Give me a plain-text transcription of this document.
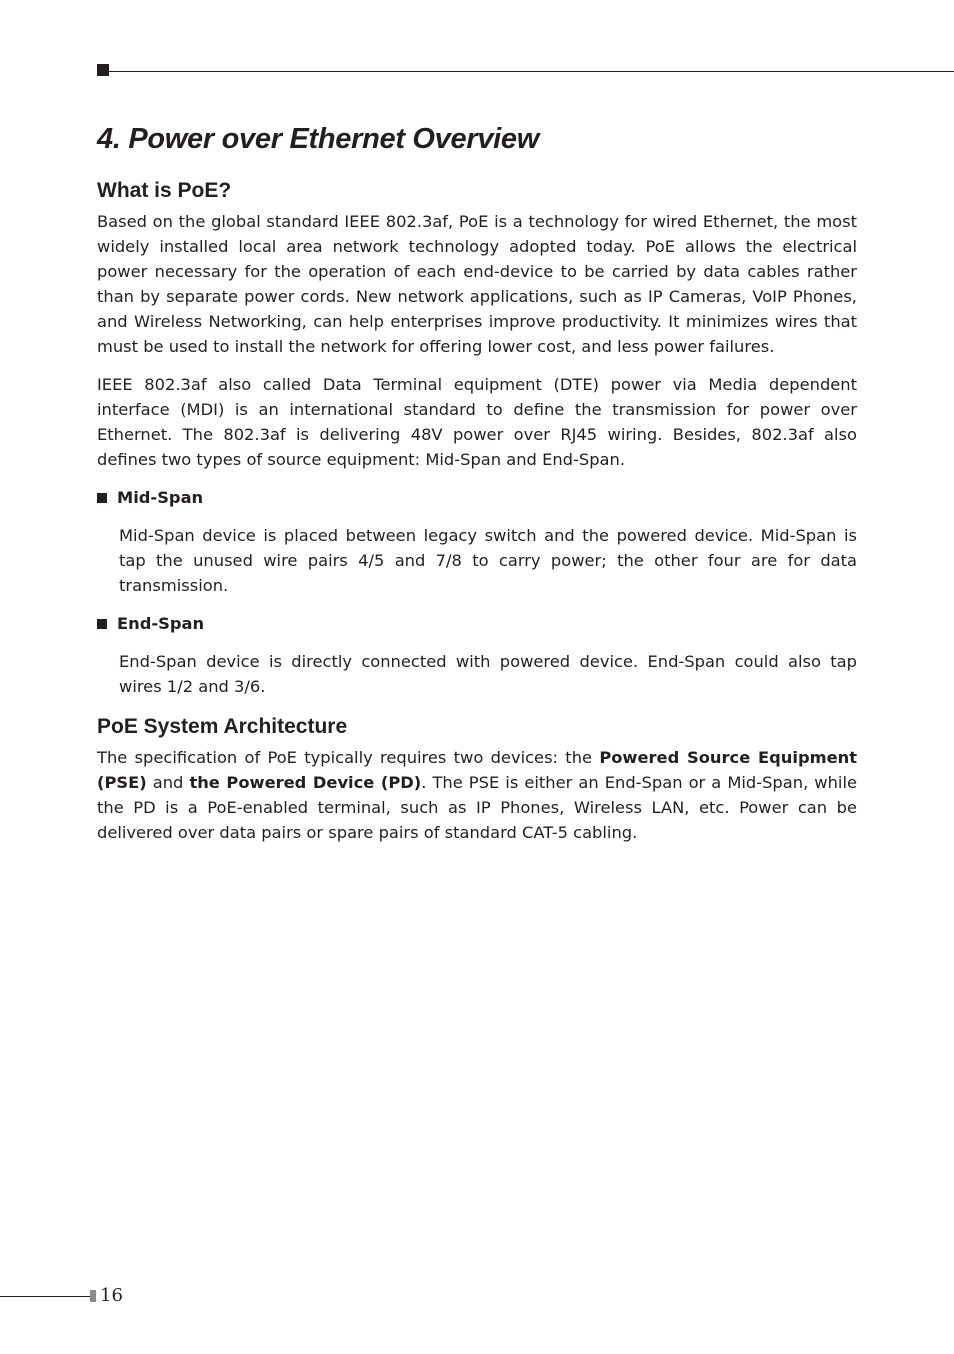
4. Power over Ethernet Overview
What is PoE?

Based on the global standard IEEE 802.3af, PoE is a technology for wired Ethernet, the most widely installed local area network technology adopted today. PoE allows the electrical power necessary for the operation of each end-device to be carried by data cables rather than by separate power cords. New network applications, such as IP Cameras, VoIP Phones, and Wireless Networking, can help enterprises improve productivity. It minimizes wires that must be used to install the network for offering lower cost, and less power failures.

IEEE 802.3af also called Data Terminal equipment (DTE) power via Media dependent interface (MDI) is an international standard to define the transmission for power over Ethernet. The 802.3af is delivering 48V power over RJ45 wiring. Besides, 802.3af also defines two types of source equipment: Mid-Span and End-Span.

Mid-Span

Mid-Span device is placed between legacy switch and the powered device. Mid-Span is tap the unused wire pairs 4/5 and 7/8 to carry power; the other four are for data transmission.

End-Span

End-Span device is directly connected with powered device. End-Span could also tap wires 1/2 and 3/6.

PoE System Architecture

The specification of PoE typically requires two devices: the Powered Source Equipment (PSE) and the Powered Device (PD). The PSE is either an End-Span or a Mid-Span, while the PD is a PoE-enabled terminal, such as IP Phones, Wireless LAN, etc. Power can be delivered over data pairs or spare pairs of standard CAT-5 cabling.

16
